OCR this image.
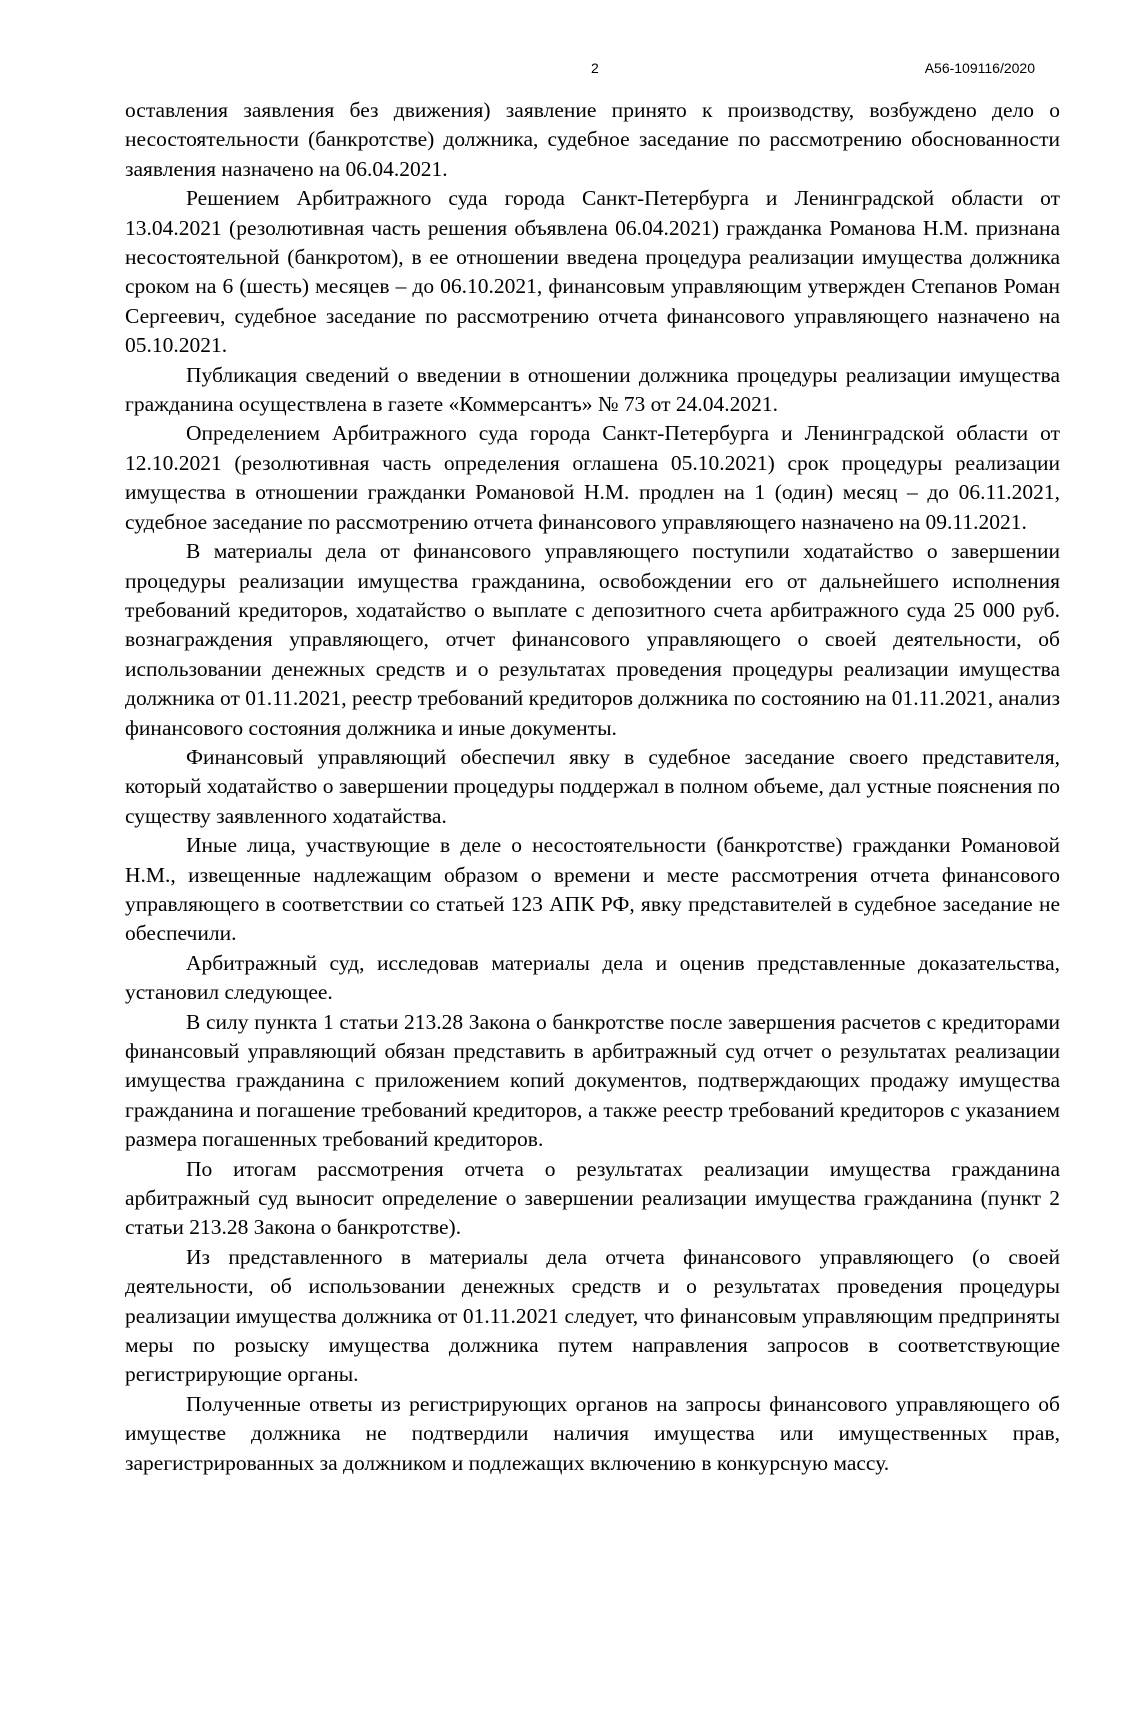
2	А56-109116/2020

оставления заявления без движения) заявление принято к производству, возбуждено дело о несостоятельности (банкротстве) должника, судебное заседание по рассмотрению обоснованности заявления назначено на 06.04.2021.

Решением Арбитражного суда города Санкт-Петербурга и Ленинградской области от 13.04.2021 (резолютивная часть решения объявлена 06.04.2021) гражданка Романова Н.М. признана несостоятельной (банкротом), в ее отношении введена процедура реализации имущества должника сроком на 6 (шесть) месяцев – до 06.10.2021, финансовым управляющим утвержден Степанов Роман Сергеевич, судебное заседание по рассмотрению отчета финансового управляющего назначено на 05.10.2021.

Публикация сведений о введении в отношении должника процедуры реализации имущества гражданина осуществлена в газете «Коммерсантъ» № 73 от 24.04.2021.

Определением Арбитражного суда города Санкт-Петербурга и Ленинградской области от 12.10.2021 (резолютивная часть определения оглашена 05.10.2021) срок процедуры реализации имущества в отношении гражданки Романовой Н.М. продлен на 1 (один) месяц – до 06.11.2021, судебное заседание по рассмотрению отчета финансового управляющего назначено на 09.11.2021.

В материалы дела от финансового управляющего поступили ходатайство о завершении процедуры реализации имущества гражданина, освобождении его от дальнейшего исполнения требований кредиторов, ходатайство о выплате с депозитного счета арбитражного суда 25 000 руб. вознаграждения управляющего, отчет финансового управляющего о своей деятельности, об использовании денежных средств и о результатах проведения процедуры реализации имущества должника от 01.11.2021, реестр требований кредиторов должника по состоянию на 01.11.2021, анализ финансового состояния должника и иные документы.

Финансовый управляющий обеспечил явку в судебное заседание своего представителя, который ходатайство о завершении процедуры поддержал в полном объеме, дал устные пояснения по существу заявленного ходатайства.

Иные лица, участвующие в деле о несостоятельности (банкротстве) гражданки Романовой Н.М., извещенные надлежащим образом о времени и месте рассмотрения отчета финансового управляющего в соответствии со статьей 123 АПК РФ, явку представителей в судебное заседание не обеспечили.

Арбитражный суд, исследовав материалы дела и оценив представленные доказательства, установил следующее.

В силу пункта 1 статьи 213.28 Закона о банкротстве после завершения расчетов с кредиторами финансовый управляющий обязан представить в арбитражный суд отчет о результатах реализации имущества гражданина с приложением копий документов, подтверждающих продажу имущества гражданина и погашение требований кредиторов, а также реестр требований кредиторов с указанием размера погашенных требований кредиторов.

По итогам рассмотрения отчета о результатах реализации имущества гражданина арбитражный суд выносит определение о завершении реализации имущества гражданина (пункт 2 статьи 213.28 Закона о банкротстве).

Из представленного в материалы дела отчета финансового управляющего (о своей деятельности, об использовании денежных средств и о результатах проведения процедуры реализации имущества должника от 01.11.2021 следует, что финансовым управляющим предприняты меры по розыску имущества должника путем направления запросов в соответствующие регистрирующие органы.

Полученные ответы из регистрирующих органов на запросы финансового управляющего об имуществе должника не подтвердили наличия имущества или имущественных прав, зарегистрированных за должником и подлежащих включению в конкурсную массу.
